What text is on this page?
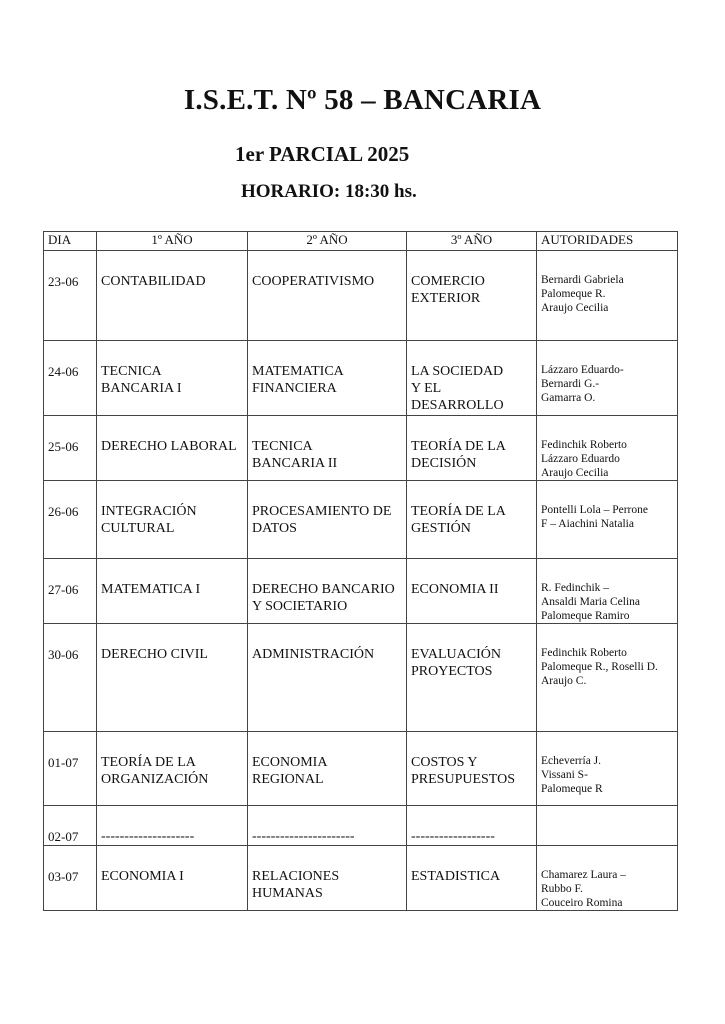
I.S.E.T. Nº 58 – BANCARIA
1er PARCIAL 2025
HORARIO: 18:30 hs.
DIA	1º AÑO	2º AÑO	3º AÑO	AUTORIDADES
23-06	CONTABILIDAD	COOPERATIVISMO	COMERCIO
EXTERIOR	Bernardi Gabriela
Palomeque R.
Araujo Cecilia
24-06	TECNICA
BANCARIA I	MATEMATICA
FINANCIERA	LA SOCIEDAD
Y EL
DESARROLLO	Lázzaro Eduardo-
Bernardi G.-
Gamarra O.
25-06	DERECHO LABORAL	TECNICA
BANCARIA II	TEORÍA DE LA
DECISIÓN	Fedinchik Roberto
Lázzaro Eduardo
Araujo Cecilia
26-06	INTEGRACIÓN
CULTURAL	PROCESAMIENTO DE
DATOS	TEORÍA DE LA
GESTIÓN	Pontelli Lola – Perrone
F – Aiachini Natalia
27-06	MATEMATICA I	DERECHO BANCARIO
Y SOCIETARIO	ECONOMIA II	R. Fedinchik –
Ansaldi Maria Celina
Palomeque Ramiro
30-06	DERECHO CIVIL	ADMINISTRACIÓN	EVALUACIÓN
PROYECTOS	Fedinchik Roberto
Palomeque R., Roselli D.
Araujo C.
01-07	TEORÍA DE LA
ORGANIZACIÓN	ECONOMIA
REGIONAL	COSTOS Y
PRESUPUESTOS	Echeverría J.
Vissani S-
Palomeque R
02-07	--------------------	----------------------	------------------	
03-07	ECONOMIA I	RELACIONES
HUMANAS	ESTADISTICA	Chamarez Laura –
Rubbo F.
Couceiro Romina
